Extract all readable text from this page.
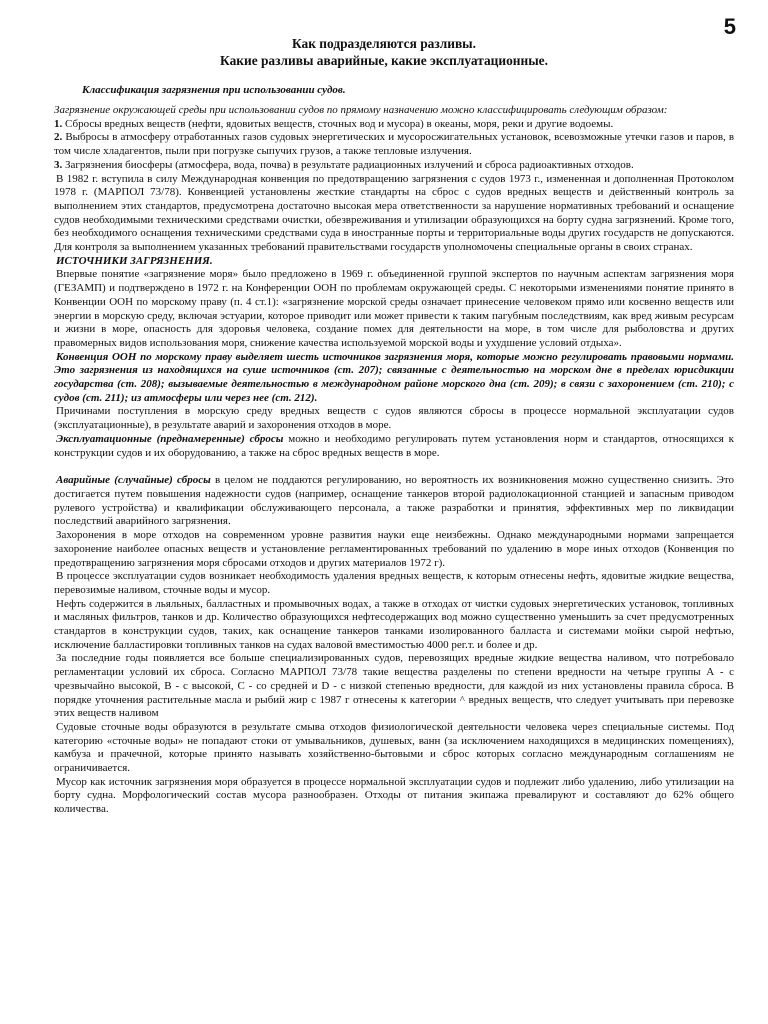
5
Как подразделяются разливы.
Какие разливы аварийные, какие эксплуатационные.
Классификация загрязнения при использовании судов.

Загрязнение окружающей среды при использовании судов по прямому назначению можно классифицировать следующим образом:

1. Сбросы вредных веществ (нефти, ядовитых веществ, сточных вод и мусора) в океаны, моря, реки и другие водоемы.

2. Выбросы в атмосферу отработанных газов судовых энергетических и мусоросжигательных установок, всевозможные утечки газов и паров, в том числе хладагентов, пыли при погрузке сыпучих грузов, а также тепловые излучения.

3. Загрязнения биосферы (атмосфера, вода, почва) в результате радиационных излучений и сброса радиоактивных отходов.

В 1982 г. вступила в силу Международная конвенция по предотвращению загрязнения с судов 1973 г., измененная и дополненная Протоколом 1978 г. (МАРПОЛ 73/78). Конвенцией установлены жесткие стандарты на сброс с судов вредных веществ и действенный контроль за выполнением этих стандартов, предусмотрена достаточно высокая мера ответственности за нарушение нормативных требований и оснащение судов необходимыми техническими средствами очистки, обезвреживания и утилизации образующихся на борту судна загрязнений. Кроме того, без необходимого оснащения техническими средствами суда в иностранные порты и территориальные воды других государств не допускаются. Для контроля за выполнением указанных требований правительствами государств уполномочены специальные органы в своих странах.

ИСТОЧНИКИ ЗАГРЯЗНЕНИЯ.

Впервые понятие «загрязнение моря» было предложено в 1969 г. объединенной группой экспертов по научным аспектам загрязнения моря (ГЕЗАМП) и подтверждено в 1972 г. на Конференции ООН по проблемам окружающей среды. С некоторыми изменениями понятие принято в Конвенции ООН по морскому праву (п. 4 ст.1): «загрязнение морской среды означает принесение человеком прямо или косвенно веществ или энергии в морскую среду, включая эстуарии, которое приводит или может привести к таким пагубным последствиям, как вред живым ресурсам и жизни в море, опасность для здоровья человека, создание помех для деятельности на море, в том числе для рыболовства и других правомерных видов использования моря, снижение качества используемой морской воды и ухудшение условий отдыха».

Конвенция ООН по морскому праву выделяет шесть источников загрязнения моря, которые можно регулировать правовыми нормами. Это загрязнения из находящихся на суше источников (ст. 207); связанные с деятельностью на морском дне в пределах юрисдикции государства (ст. 208); вызываемые деятельностью в международном районе морского дна (ст. 209); в связи с захоронением (ст. 210); с судов (ст. 211); из атмосферы или через нее (ст. 212).

Причинами поступления в морскую среду вредных веществ с судов являются сбросы в процессе нормальной эксплуатации судов (эксплуатационные), в результате аварий и захоронения отходов в море.

Эксплуатационные (преднамеренные) сбросы можно и необходимо регулировать путем установления норм и стандартов, относящихся к конструкции судов и их оборудованию, а также на сброс вредных веществ в море.

Аварийные (случайные) сбросы в целом не поддаются регулированию, но вероятность их возникновения можно существенно снизить. Это достигается путем повышения надежности судов (например, оснащение танкеров второй радиолокационной станцией и запасным приводом рулевого устройства) и квалификации обслуживающего персонала, а также разработки и принятия, эффективных мер по ликвидации последствий аварийного загрязнения.

Захоронения в море отходов на современном уровне развития науки еще неизбежны. Однако международными нормами запрещается захоронение наиболее опасных веществ и установление регламентированных требований по удалению в море иных отходов (Конвенция по предотвращению загрязнения моря сбросами отходов и других материалов 1972 г).

В процессе эксплуатации судов возникает необходимость удаления вредных веществ, к которым отнесены нефть, ядовитые жидкие вещества, перевозимые наливом, сточные воды и мусор.

Нефть содержится в льяльных, балластных и промывочных водах, а также в отходах от чистки судовых энергетических установок, топливных и масляных фильтров, танков и др. Количество образующихся нефтесодержащих вод можно существенно уменьшить за счет предусмотренных стандартов в конструкции судов, таких, как оснащение танкеров танками изолированного балласта и системами мойки сырой нефтью, исключение балластировки топливных танков на судах валовой вместимостью 4000 рег.т. и более и др.

За последние годы появляется все больше специализированных судов, перевозящих вредные жидкие вещества наливом, что потребовало регламентации условий их сброса. Согласно МАРПОЛ 73/78 такие вещества разделены по степени вредности на четыре группы А - с чрезвычайно высокой, В - с высокой, С - со средней и D - с низкой степенью вредности, для каждой из них установлены правила сброса. В порядке уточнения растительные масла и рыбий жир с 1987 г отнесены к категории ^ вредных веществ, что следует учитывать при перевозке этих веществ наливом

Судовые сточные воды образуются в результате смыва отходов физиологической деятельности человека через специальные системы. Под категорию «сточные воды» не попадают стоки от умывальников, душевых, ванн (за исключением находящихся в медицинских помещениях), камбуза и прачечной, которые принято называть хозяйственно-бытовыми и сброс которых согласно международным соглашениям не ограничивается.

Мусор как источник загрязнения моря образуется в процессе нормальной эксплуатации судов и подлежит либо удалению, либо утилизации на борту судна. Морфологический состав мусора разнообразен. Отходы от питания экипажа превалируют и составляют до 62% общего количества.
